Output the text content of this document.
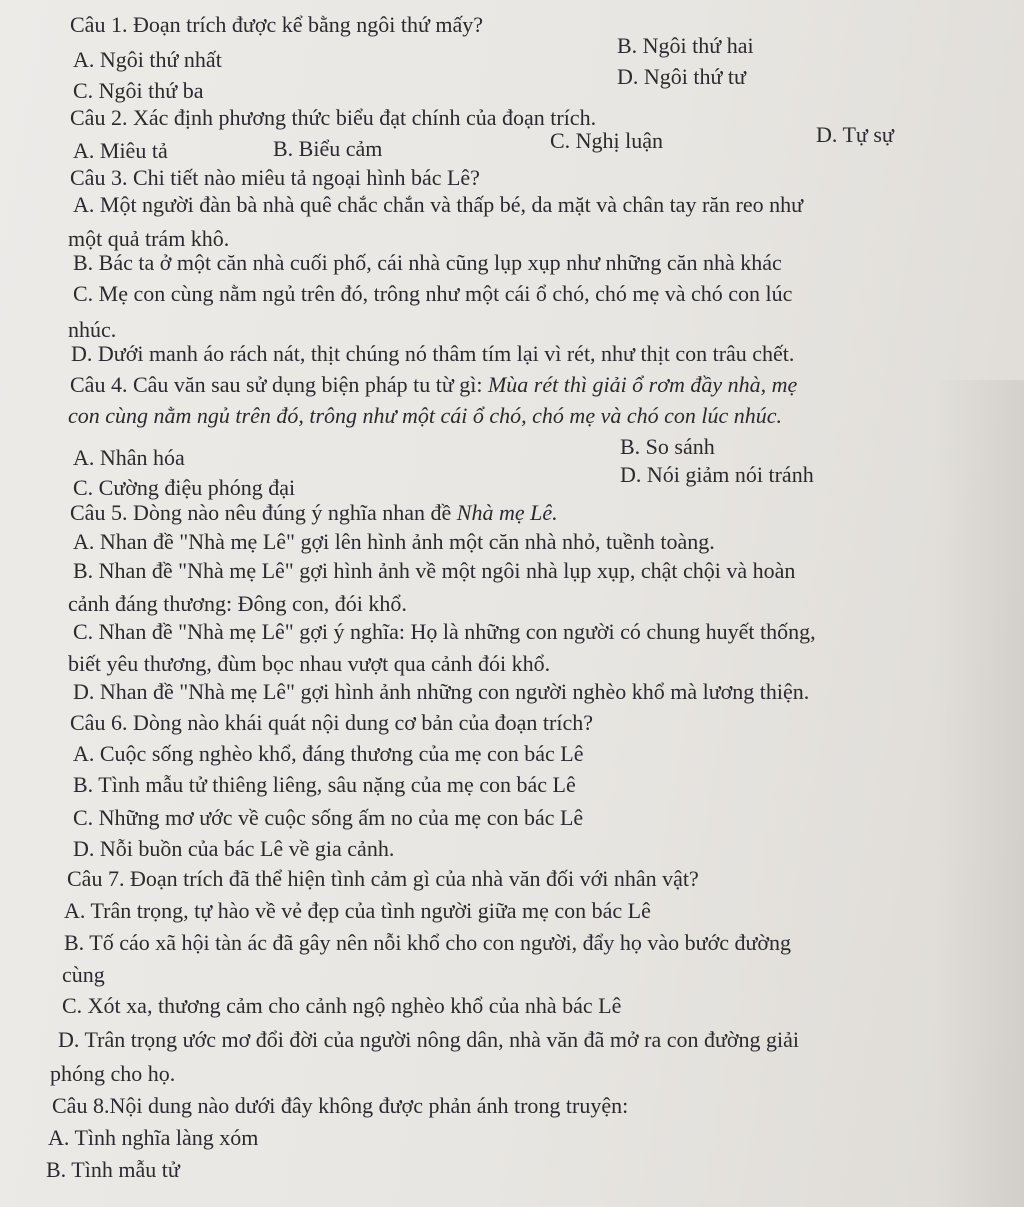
Câu 1. Đoạn trích được kể bằng ngôi thứ mấy?
A. Ngôi thứ nhất
B. Ngôi thứ hai
C. Ngôi thứ ba
D. Ngôi thứ tư
Câu 2. Xác định phương thức biểu đạt chính của đoạn trích.
A. Miêu tả	B. Biểu cảm	C. Nghị luận	D. Tự sự
Câu 3. Chi tiết nào miêu tả ngoại hình bác Lê?
A. Một người đàn bà nhà quê chắc chắn và thấp bé, da mặt và chân tay răn reo như
một quả trám khô.
B. Bác ta ở một căn nhà cuối phố, cái nhà cũng lụp xụp như những căn nhà khác
C. Mẹ con cùng nằm ngủ trên đó, trông như một cái ổ chó, chó mẹ và chó con lúc
nhúc.
D. Dưới manh áo rách nát, thịt chúng nó thâm tím lại vì rét, như thịt con trâu chết.
Câu 4. Câu văn sau sử dụng biện pháp tu từ gì: Mùa rét thì giải ổ rơm đầy nhà, mẹ
con cùng nằm ngủ trên đó, trông như một cái ổ chó, chó mẹ và chó con lúc nhúc.
A. Nhân hóa	B. So sánh
C. Cường điệu phóng đại
D. Nói giảm nói tránh
Câu 5. Dòng nào nêu đúng ý nghĩa nhan đề Nhà mẹ Lê.
A. Nhan đề "Nhà mẹ Lê" gợi lên hình ảnh một căn nhà nhỏ, tuềnh toàng.
B. Nhan đề "Nhà mẹ Lê" gợi hình ảnh về một ngôi nhà lụp xụp, chật chội và hoàn
cảnh đáng thương: Đông con, đói khổ.
C. Nhan đề "Nhà mẹ Lê" gợi ý nghĩa: Họ là những con người có chung huyết thống,
biết yêu thương, đùm bọc nhau vượt qua cảnh đói khổ.
D. Nhan đề "Nhà mẹ Lê" gợi hình ảnh những con người nghèo khổ mà lương thiện.
Câu 6. Dòng nào khái quát nội dung cơ bản của đoạn trích?
A. Cuộc sống nghèo khổ, đáng thương của mẹ con bác Lê
B. Tình mẫu tử thiêng liêng, sâu nặng của mẹ con bác Lê
C. Những mơ ước về cuộc sống ấm no của mẹ con bác Lê
D. Nỗi buồn của bác Lê về gia cảnh.
Câu 7. Đoạn trích đã thể hiện tình cảm gì của nhà văn đối với nhân vật?
A. Trân trọng, tự hào về vẻ đẹp của tình người giữa mẹ con bác Lê
B. Tố cáo xã hội tàn ác đã gây nên nỗi khổ cho con người, đẩy họ vào bước đường
cùng
C. Xót xa, thương cảm cho cảnh ngộ nghèo khổ của nhà bác Lê
D. Trân trọng ước mơ đổi đời của người nông dân, nhà văn đã mở ra con đường giải
phóng cho họ.
Câu 8.Nội dung nào dưới đây không được phản ánh trong truyện:
A. Tình nghĩa làng xóm
B. Tình mẫu tử
